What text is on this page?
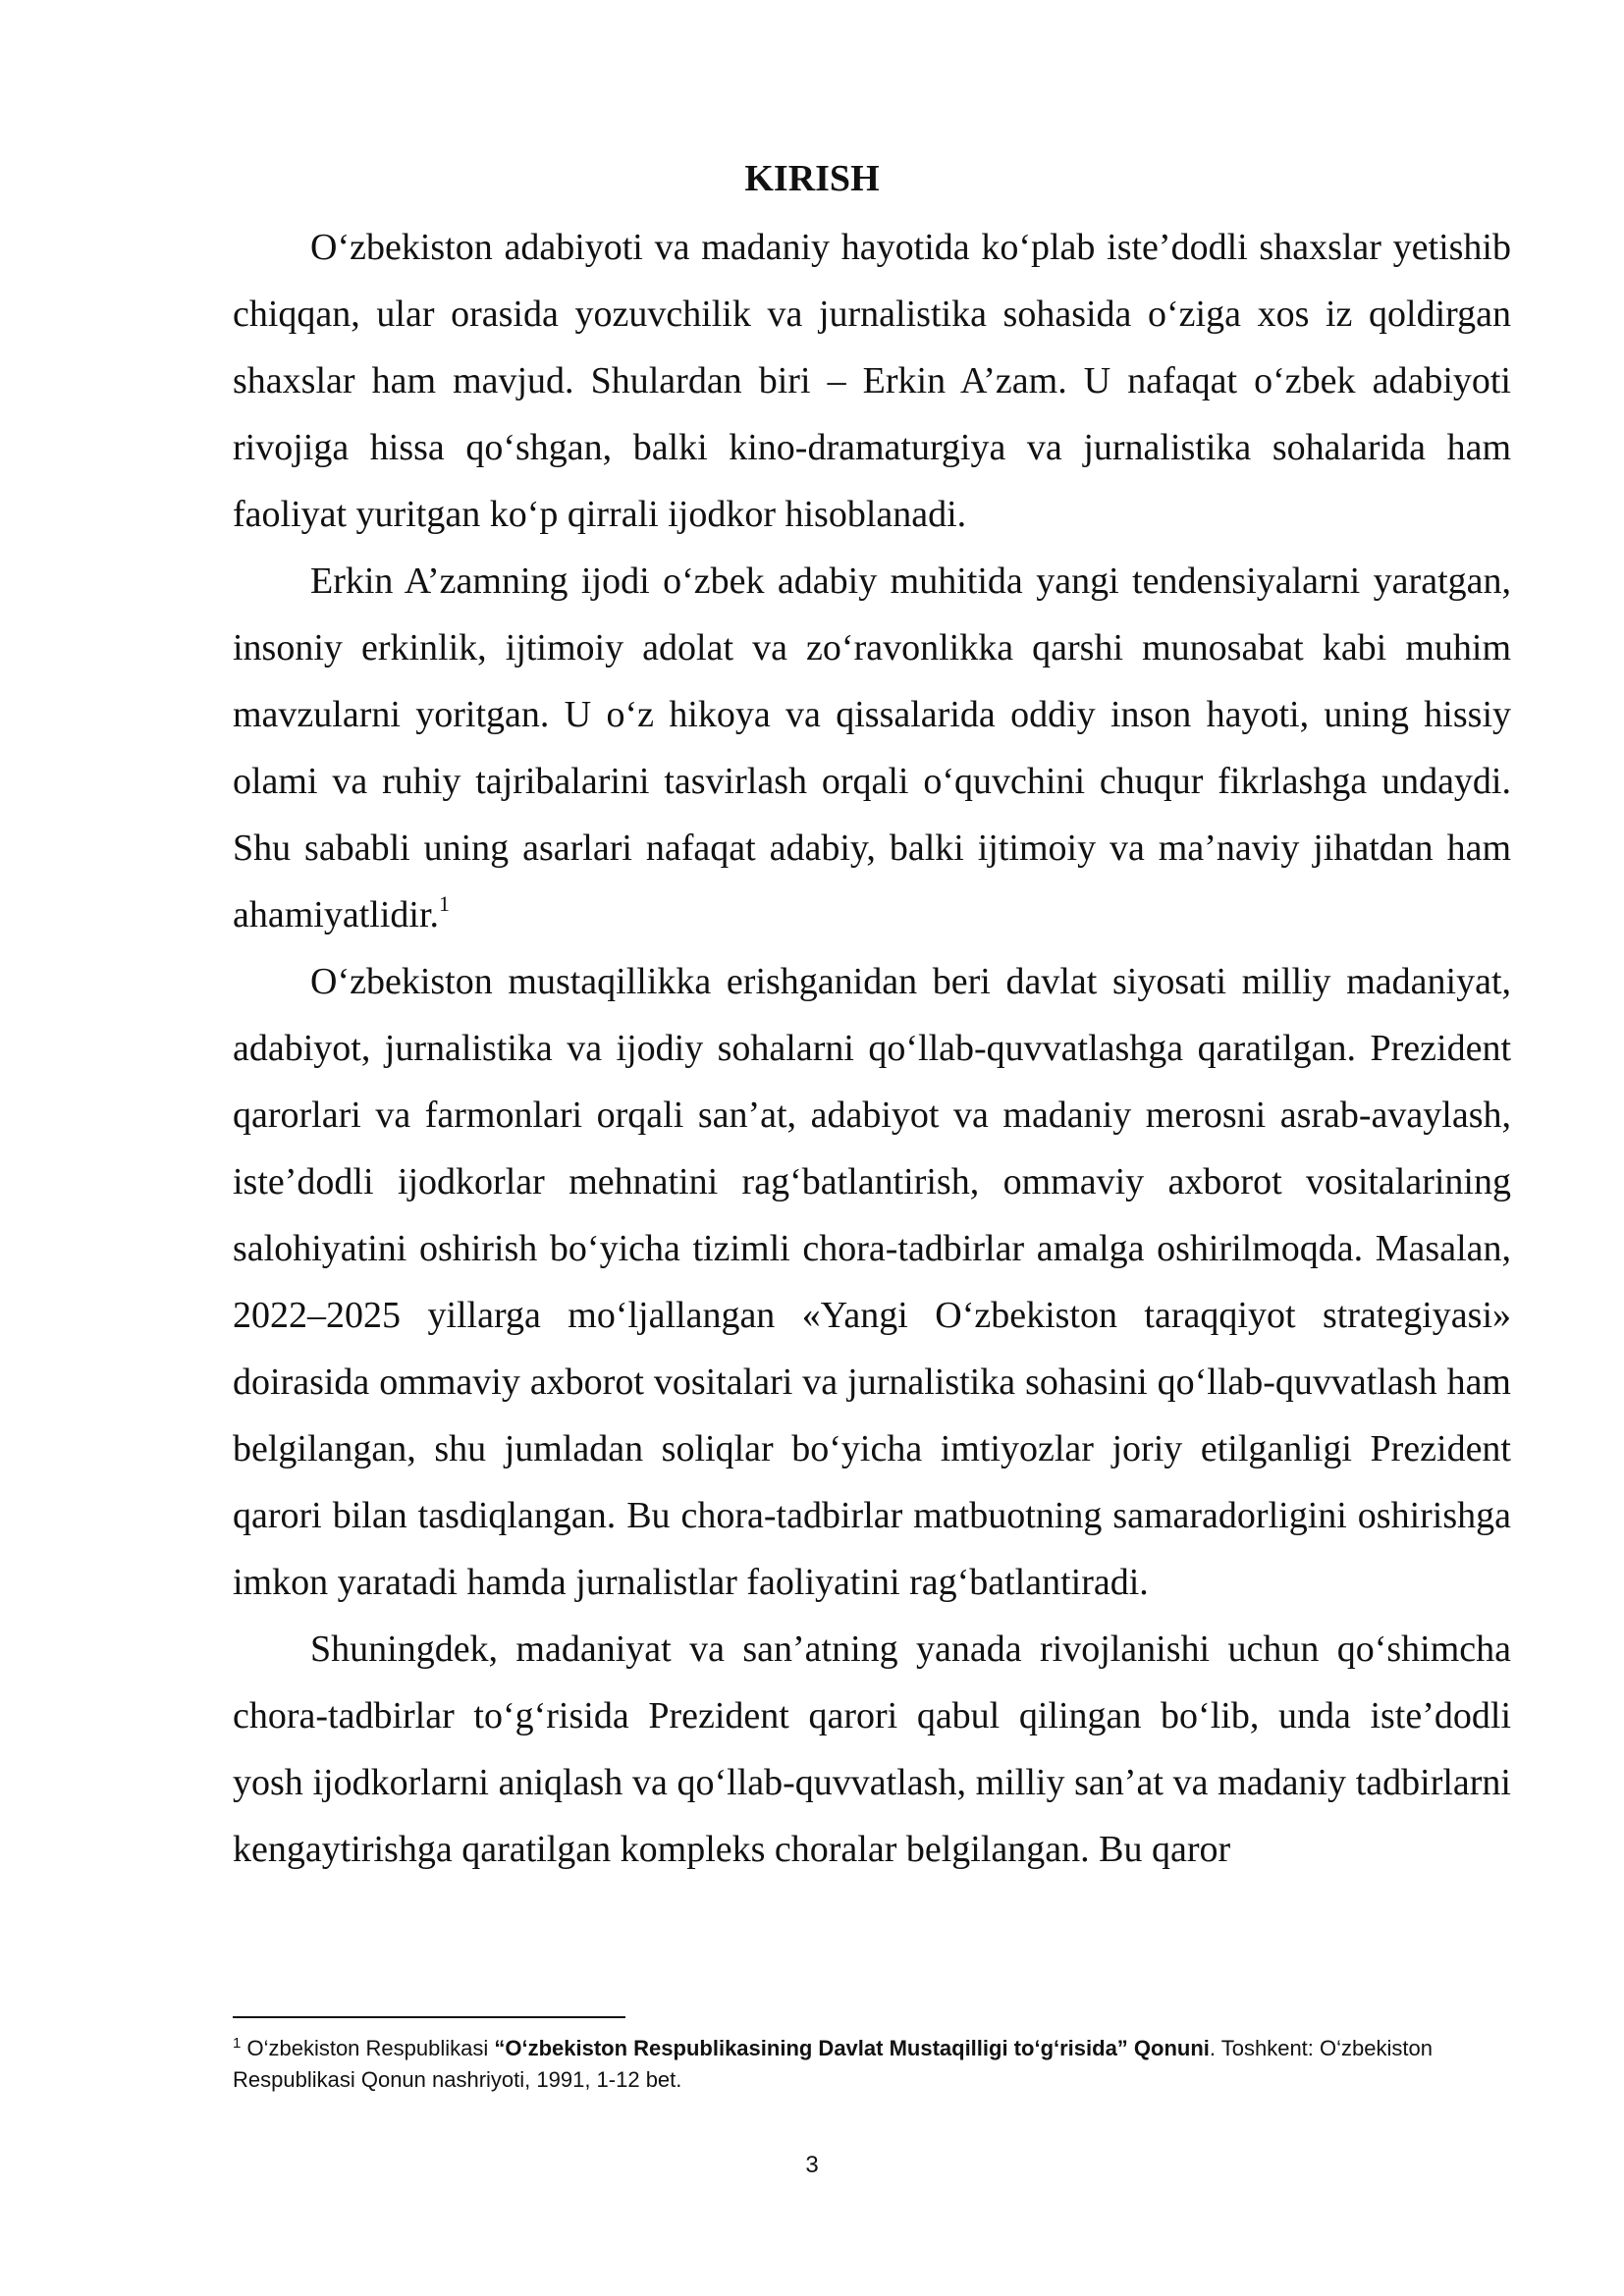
KIRISH

O‘zbekiston adabiyoti va madaniy hayotida ko‘plab iste’dodli shaxslar yetishib chiqqan, ular orasida yozuvchilik va jurnalistika sohasida o‘ziga xos iz qoldirgan shaxslar ham mavjud. Shulardan biri – Erkin A’zam. U nafaqat o‘zbek adabiyoti rivojiga hissa qo‘shgan, balki kino-dramaturgiya va jurnalistika sohalarida ham faoliyat yuritgan ko‘p qirrali ijodkor hisoblanadi.

Erkin A’zamning ijodi o‘zbek adabiy muhitida yangi tendensiyalarni yaratgan, insoniy erkinlik, ijtimoiy adolat va zo‘ravonlikka qarshi munosabat kabi muhim mavzularni yoritgan. U o‘z hikoya va qissalarida oddiy inson hayoti, uning hissiy olami va ruhiy tajribalarini tasvirlash orqali o‘quvchini chuqur fikrlashga undaydi. Shu sababli uning asarlari nafaqat adabiy, balki ijtimoiy va ma’naviy jihatdan ham ahamiyatlidir.$^1$

O‘zbekiston mustaqillikka erishganidan beri davlat siyosati milliy madaniyat, adabiyot, jurnalistika va ijodiy sohalarni qo‘llab-quvvatlashga qaratilgan. Prezident qarorlari va farmonlari orqali san’at, adabiyot va madaniy merosni asrab-avaylash, iste’dodli ijodkorlar mehnatini rag‘batlantirish, ommaviy axborot vositalarining salohiyatini oshirish bo‘yicha tizimli chora-tadbirlar amalga oshirilmoqda. Masalan, 2022–2025 yillarga mo‘ljallangan «Yangi O‘zbekiston taraqqiyot strategiyasi» doirasida ommaviy axborot vositalari va jurnalistika sohasini qo‘llab-quvvatlash ham belgilangan, shu jumladan soliqlar bo‘yicha imtiyozlar joriy etilganligi Prezident qarori bilan tasdiqlangan. Bu chora-tadbirlar matbuotning samaradorligini oshirishga imkon yaratadi hamda jurnalistlar faoliyatini rag‘batlantiradi.

Shuningdek, madaniyat va san’atning yanada rivojlanishi uchun qo‘shimcha chora-tadbirlar to‘g‘risida Prezident qarori qabul qilingan bo‘lib, unda iste’dodli yosh ijodkorlarni aniqlash va qo‘llab-quvvatlash, milliy san’at va madaniy tadbirlarni kengaytirishga qaratilgan kompleks choralar belgilangan. Bu qaror

$^1$ O‘zbekiston Respublikasi “O‘zbekiston Respublikasining Davlat Mustaqilligi to‘g‘risida” Qonuni. Toshkent: O‘zbekiston Respublikasi Qonun nashriyoti, 1991, 1-12 bet.

3
